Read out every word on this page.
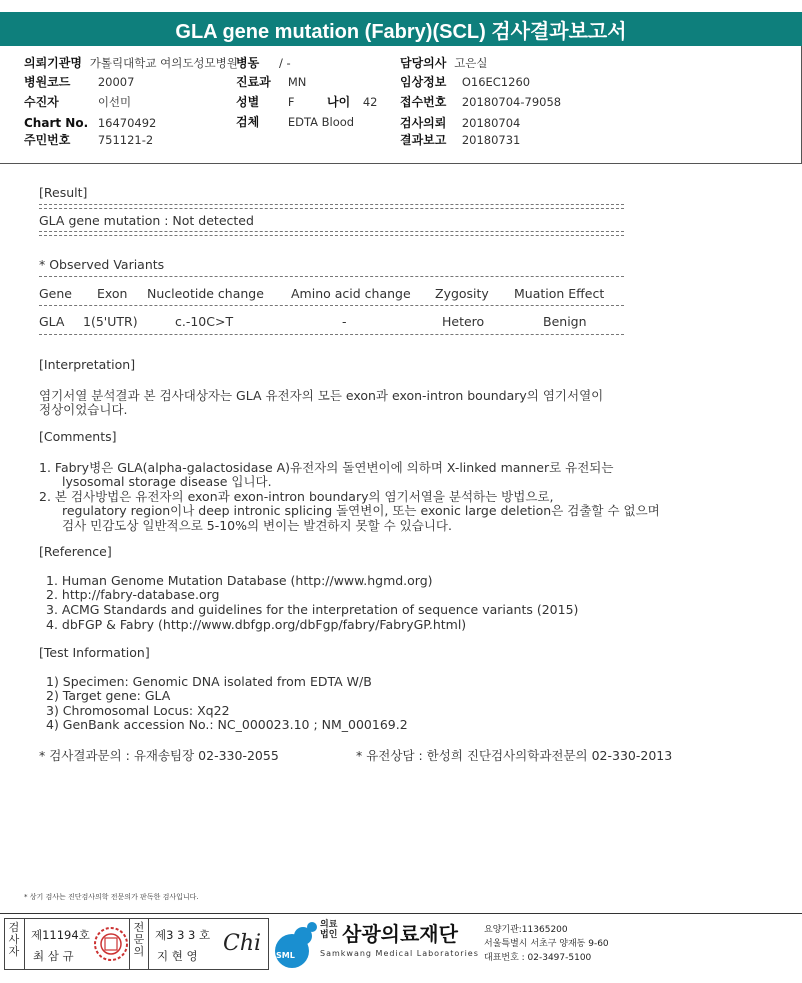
GLA gene mutation (Fabry)(SCL) 검사결과보고서
의뢰기관명 가톨릭대학교 여의도성모병원
병동 / -	담당의사 고은실
병원코드 20007	진료과 MN	임상정보 O16EC1260
수진자	이선미	성별 F	나이 42 접수번호 20180704-79058
Chart No. 16470492	검체 EDTA Blood	검사의뢰 20180704
주민번호 751121-2	결과보고 20180731
[Result]
GLA gene mutation : Not detected
* Observed Variants
Gene Exon Nucleotide change Amino acid change Zygosity Muation Effect
GLA 1(5'UTR)	c.-10C>T	-	Hetero	Benign
[Interpretation]
염기서열 분석결과 본 검사대상자는 GLA 유전자의 모든 exon과 exon-intron boundary의 염기서열이
정상이었습니다.
[Comments]
1. Fabry병은 GLA(alpha-galactosidase A)유전자의 돌연변이에 의하며 X-linked manner로 유전되는
lysosomal storage disease 입니다.
2. 본 검사방법은 유전자의 exon과 exon-intron boundary의 염기서열을 분석하는 방법으로,
regulatory region이나 deep intronic splicing 돌연변이, 또는 exonic large deletion은 검출할 수 없으며
검사 민감도상 일반적으로 5-10%의 변이는 발견하지 못할 수 있습니다.
[Reference]
1. Human Genome Mutation Database (http://www.hgmd.org)
2. http://fabry-database.org
3. ACMG Standards and guidelines for the interpretation of sequence variants (2015)
4. dbFGP & Fabry (http://www.dbfgp.org/dbFgp/fabry/FabryGP.html)
[Test Information]
1) Specimen: Genomic DNA isolated from EDTA W/B
2) Target gene: GLA
3) Chromosomal Locus: Xq22
4) GenBank accession No.: NC_000023.10 ; NM_000169.2
* 검사결과문의 : 유재송팀장 02-330-2055	* 유전상담 : 한성희 진단검사의학과전문의 02-330-2013
* 상기 검사는 진단검사의학 전문의가 판독한 검사입니다.
검
사
자
제11194호
최 삼 규
전
문
의
제3 3 3 호
지 현 영 Chi SML
의료
법인 삼광의료재단
Samkwang Medical Laboratories
요양기관:11365200
서울특별시 서초구 양재동 9-60
대표번호 : 02-3497-5100
